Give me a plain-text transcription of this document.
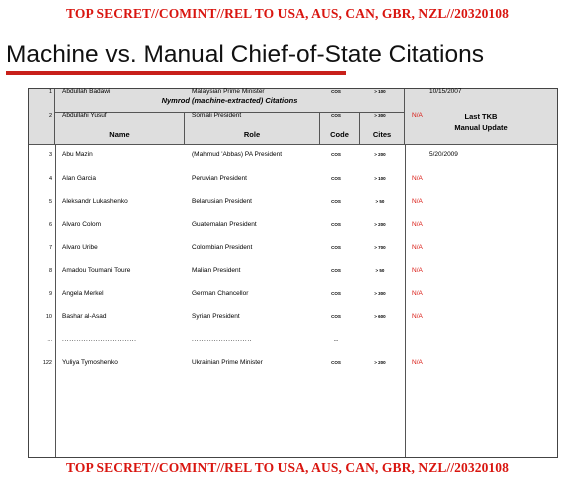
TOP SECRET//COMINT//REL TO USA, AUS, CAN, GBR, NZL//20320108
Machine vs. Manual Chief-of-State Citations
Nymrod (machine-extracted) Citations
Name	Role	Code	Cites
Last TKB
Manual Update
1 Abdullah Badawi	Malaysian Prime Minister	COS	> 100	10/15/2007
2 Abdullahi Yusuf	Somali President	COS	> 300	N/A
3 Abu Mazin	(Mahmud 'Abbas) PA President	COS	> 200	5/20/2009
4 Alan Garcia	Peruvian President	COS	> 100	N/A
5 Aleksandr Lukashenko	Belarusian President	COS	> 50	N/A
6 Alvaro Colom	Guatemalan President	COS	> 200	N/A
7 Alvaro Uribe	Colombian President	COS	> 700	N/A
8 Amadou Toumani Toure	Malian President	COS	> 50	N/A
9 Angela Merkel	German Chancellor	COS	> 300	N/A
10 Bashar al-Asad	Syrian President	COS	> 600	N/A
... ...............................	.........................	...
122 Yuliya Tymoshenko	Ukrainian Prime Minister	COS	> 200	N/A
TOP SECRET//COMINT//REL TO USA, AUS, CAN, GBR, NZL//20320108
